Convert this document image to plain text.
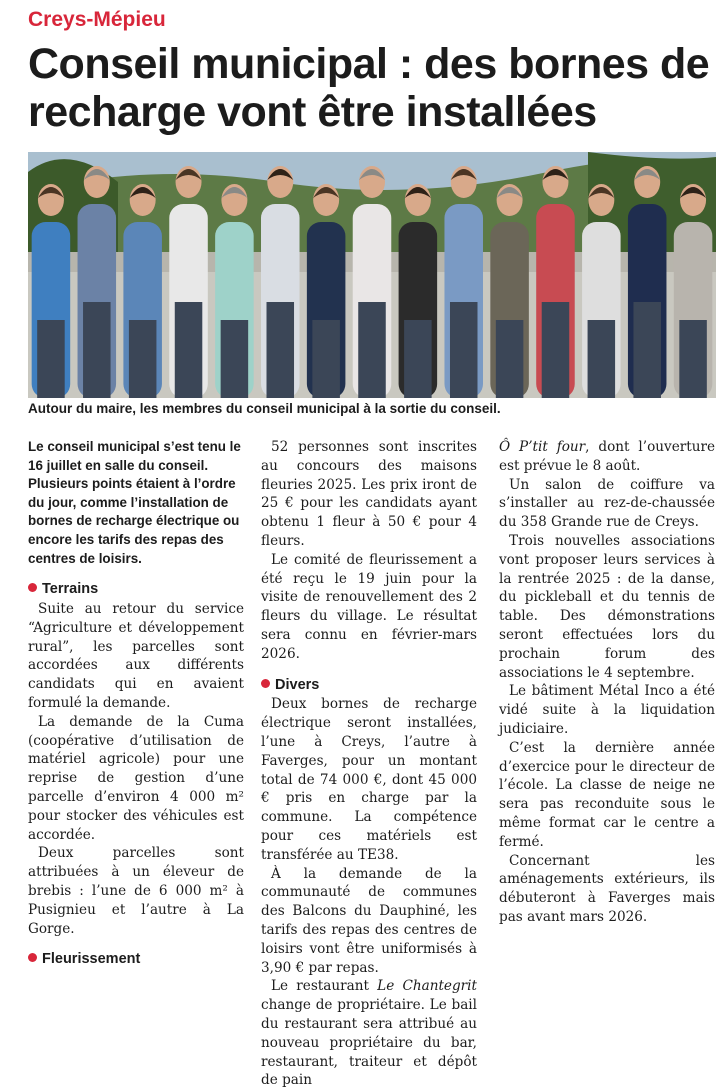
Creys-Mépieu
Conseil municipal : des bornes de recharge vont être installées
Autour du maire, les membres du conseil municipal à la sortie du conseil.

Le conseil municipal s’est tenu le 16 juillet en salle du conseil. Plusieurs points étaient à l’ordre du jour, comme l’installation de bornes de recharge électrique ou encore les tarifs des repas des centres de loisirs.

Terrains

Suite au retour du service “Agriculture et développement rural”, les parcelles sont accordées aux différents candidats qui en avaient formulé la demande.

La demande de la Cuma (coopérative d’utilisation de matériel agricole) pour une reprise de gestion d’une parcelle d’environ 4 000 m² pour stocker des véhicules est accordée.

Deux parcelles sont attribuées à un éleveur de brebis : l’une de 6 000 m² à Pusignieu et l’autre à La Gorge.

Fleurissement

52 personnes sont inscrites au concours des maisons fleuries 2025. Les prix iront de 25 € pour les candidats ayant obtenu 1 fleur à 50 € pour 4 fleurs.

Le comité de fleurissement a été reçu le 19 juin pour la visite de renouvellement des 2 fleurs du village. Le résultat sera connu en février-mars 2026.

Divers

Deux bornes de recharge électrique seront installées, l’une à Creys, l’autre à Faverges, pour un montant total de 74 000 €, dont 45 000 € pris en charge par la commune. La compétence pour ces matériels est transférée au TE38.

À la demande de la communauté de communes des Balcons du Dauphiné, les tarifs des repas des centres de loisirs vont être uniformisés à 3,90 € par repas.

Le restaurant Le Chantegrit change de propriétaire. Le bail du restaurant sera attribué au nouveau propriétaire du bar, restaurant, traiteur et dépôt de pain

Ô P’tit four, dont l’ouverture est prévue le 8 août.

Un salon de coiffure va s’installer au rez-de-chaussée du 358 Grande rue de Creys.

Trois nouvelles associations vont proposer leurs services à la rentrée 2025 : de la danse, du pickleball et du tennis de table. Des démonstrations seront effectuées lors du prochain forum des associations le 4 septembre.

Le bâtiment Métal Inco a été vidé suite à la liquidation judiciaire.

C’est la dernière année d’exercice pour le directeur de l’école. La classe de neige ne sera pas reconduite sous le même format car le centre a fermé.

Concernant les aménagements extérieurs, ils débuteront à Faverges mais pas avant mars 2026.
